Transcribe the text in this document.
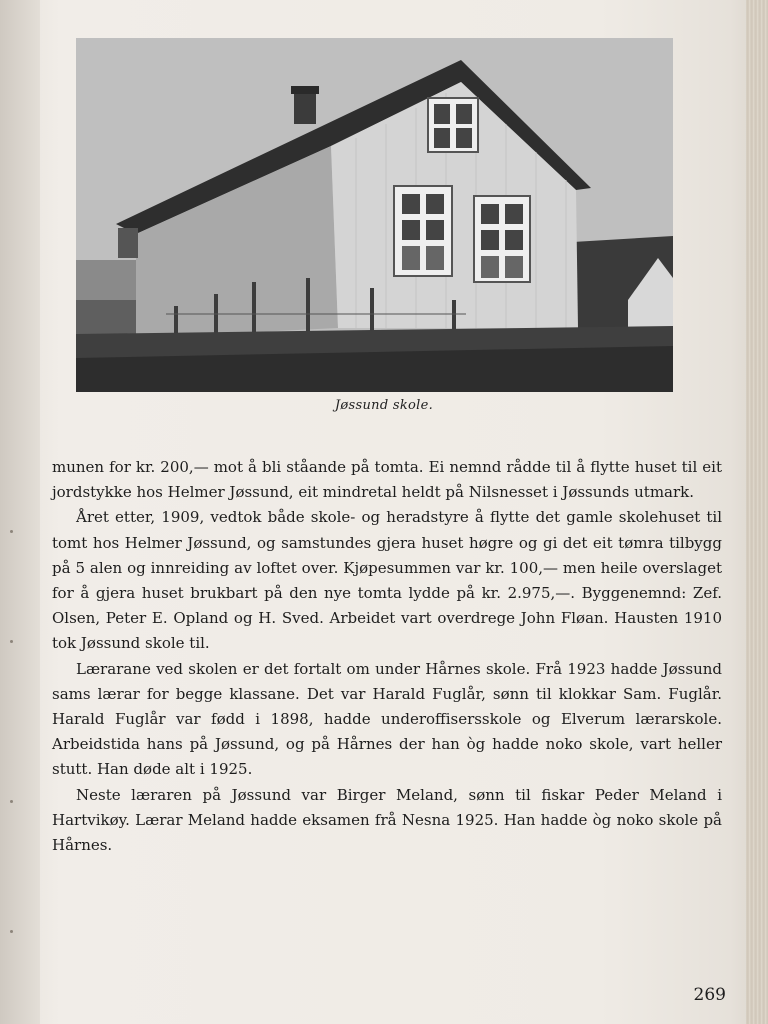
Jøssund skole.

munen for kr. 200,— mot å bli ståande på tomta. Ei nemnd rådde til å flytte huset til eit jordstykke hos Helmer Jøssund, eit mindretal heldt på Nilsnesset i Jøssunds utmark.

Året etter, 1909, vedtok både skole- og heradstyre å flytte det gamle skolehuset til tomt hos Helmer Jøssund, og samstundes gjera huset høgre og gi det eit tømra tilbygg på 5 alen og innreiding av loftet over. Kjøpesummen var kr. 100,— men heile overslaget for å gjera huset brukbart på den nye tomta lydde på kr. 2.975,—. Byggenemnd: Zef. Olsen, Peter E. Opland og H. Sved. Arbeidet vart overdrege John Fløan. Hausten 1910 tok Jøssund skole til.

Lærarane ved skolen er det fortalt om under Hårnes skole. Frå 1923 hadde Jøssund sams lærar for begge klassane. Det var Harald Fuglår, sønn til klokkar Sam. Fuglår. Harald Fuglår var fødd i 1898, hadde underoffisersskole og Elverum lærarskole. Arbeidstida hans på Jøssund, og på Hårnes der han òg hadde noko skole, vart heller stutt. Han døde alt i 1925.

Neste læraren på Jøssund var Birger Meland, sønn til fiskar Peder Meland i Hartvikøy. Lærar Meland hadde eksamen frå Nesna 1925. Han hadde òg noko skole på Hårnes.

269
